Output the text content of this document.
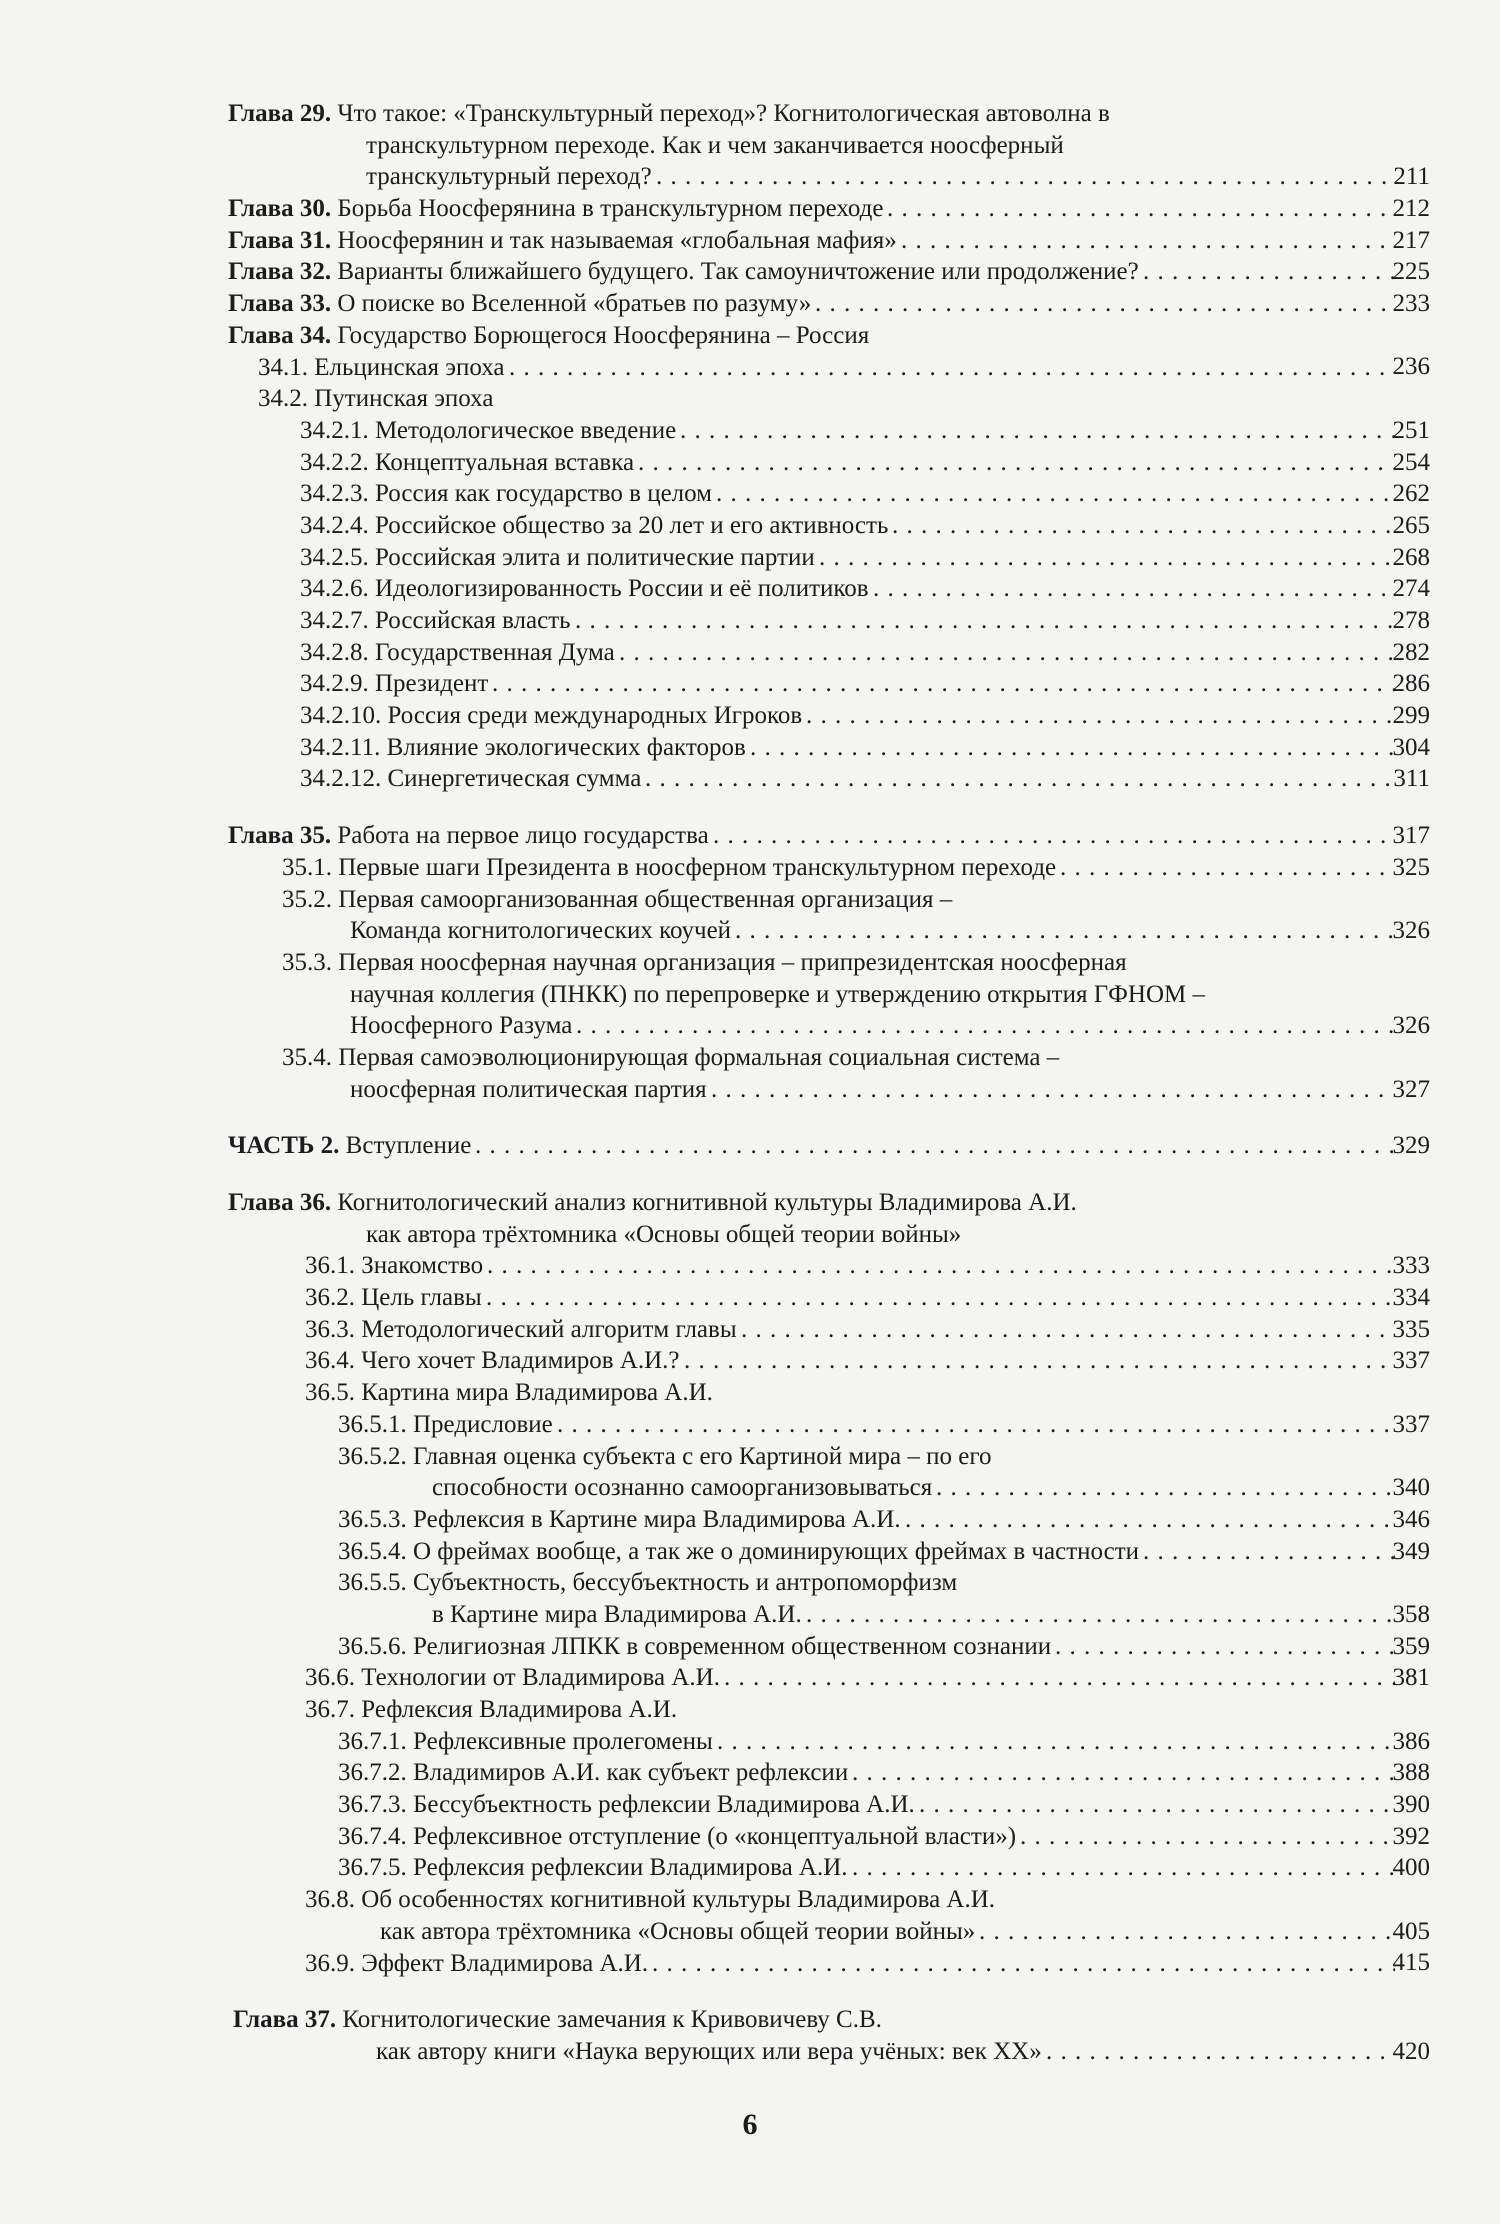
Глава 29. Что такое: «Транскультурный переход»? Когнитологическая автоволна в
транскультурном переходе. Как и чем заканчивается ноосферный
транскультурный переход?	211
. . .
Глава 30. Борьба Ноосферянина в транскультурном переходе	212
. . .
Глава 31. Ноосферянин и так называемая «глобальная мафия»	217
. . .
Глава 32. Варианты ближайшего будущего. Так самоуничтожение или продолжение?	225
. . .
Глава 33. О поиске во Вселенной «братьев по разуму»	233
. . .
Глава 34. Государство Борющегося Ноосферянина – Россия
34.1. Ельцинская эпоха	236
. . .
34.2. Путинская эпоха
34.2.1. Методологическое введение	251
. . .
34.2.2. Концептуальная вставка	254
. . .
34.2.3. Россия как государство в целом	262
. . .
34.2.4. Российское общество за 20 лет и его активность	265
. . .
34.2.5. Российская элита и политические партии	268
. . .
34.2.6. Идеологизированность России и её политиков	274
. . .
34.2.7. Российская власть	278
. . .
34.2.8. Государственная Дума	282
. . .
34.2.9. Президент	286
. . .
34.2.10. Россия среди международных Игроков	299
. . .
34.2.11. Влияние экологических факторов	304
. . .
34.2.12. Синергетическая сумма	311
. . .
Глава 35. Работа на первое лицо государства	317
. . .
35.1. Первые шаги Президента в ноосферном транскультурном переходе	325
. . .
35.2. Первая самоорганизованная общественная организация –
Команда когнитологических коучей	326
. . .
35.3. Первая ноосферная научная организация – припрезидентская ноосферная
научная коллегия (ПНКК) по перепроверке и утверждению открытия ГФНОМ –
Ноосферного Разума	326
. . .
35.4. Первая самоэволюционирующая формальная социальная система –
ноосферная политическая партия	327
. . .
ЧАСТЬ 2. Вступление	329
. . .
Глава 36. Когнитологический анализ когнитивной культуры Владимирова А.И.
как автора трёхтомника «Основы общей теории войны»
36.1. Знакомство	333
. . .
36.2. Цель главы	334
. . .
36.3. Методологический алгоритм главы	335
. . .
36.4. Чего хочет Владимиров А.И.?	337
. . .
36.5. Картина мира Владимирова А.И.
36.5.1. Предисловие	337
. . .
36.5.2. Главная оценка субъекта с его Картиной мира – по его
способности осознанно самоорганизовываться	340
. . .
36.5.3. Рефлексия в Картине мира Владимирова А.И.	346
. . .
36.5.4. О фреймах вообще, а так же о доминирующих фреймах в частности	349
. . .
36.5.5. Субъектность, бессубъектность и антропоморфизм
в Картине мира Владимирова А.И.	358
. . .
36.5.6. Религиозная ЛПКК в современном общественном сознании	359
. . .
36.6. Технологии от Владимирова А.И.	381
. . .
36.7. Рефлексия Владимирова А.И.
36.7.1. Рефлексивные пролегомены	386
. . .
36.7.2. Владимиров А.И. как субъект рефлексии	388
. . .
36.7.3. Бессубъектность рефлексии Владимирова А.И.	390
. . .
36.7.4. Рефлексивное отступление (о «концептуальной власти»)	392
. . .
36.7.5. Рефлексия рефлексии Владимирова А.И.	400
. . .
36.8. Об особенностях когнитивной культуры Владимирова А.И.
как автора трёхтомника «Основы общей теории войны»	405
. . .
36.9. Эффект Владимирова А.И.	415
. . .
Глава 37. Когнитологические замечания к Кривовичеву С.В.
как автору книги «Наука верующих или вера учёных: век XX»	420
. . .
6
